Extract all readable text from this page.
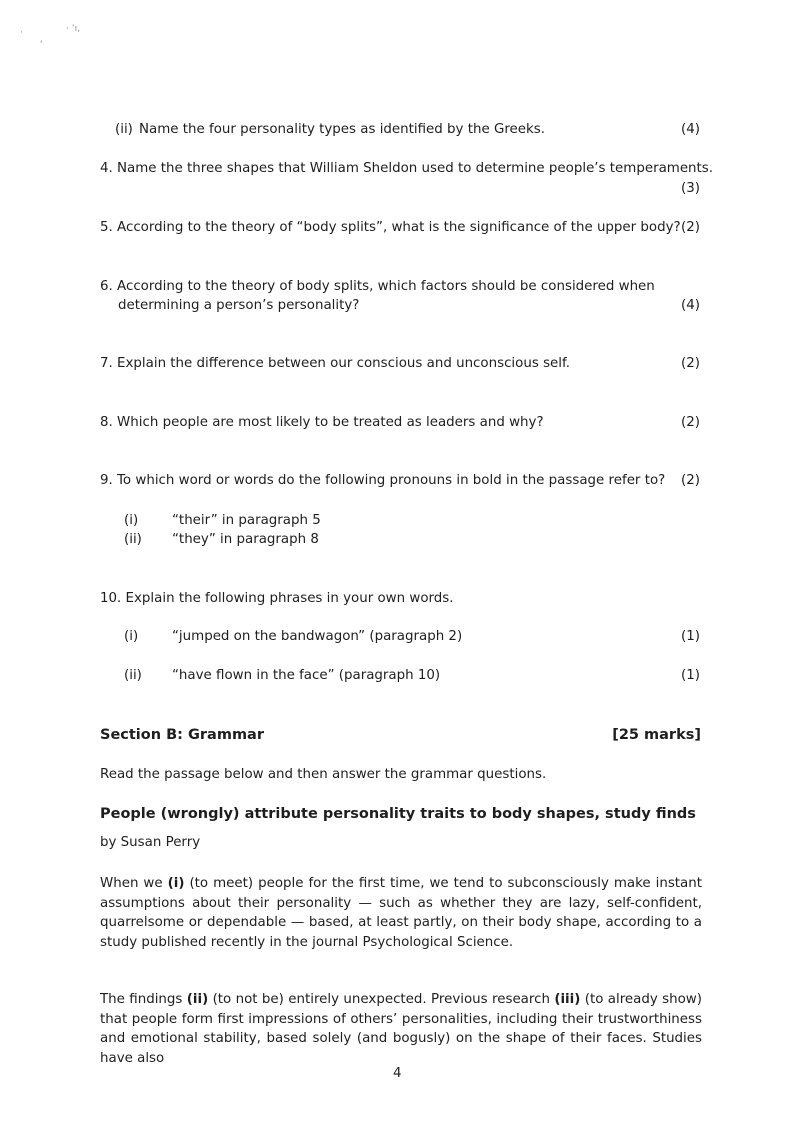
·	· ’ı,
‘
(ii) Name the four personality types as identified by the Greeks.	(4)
4. Name the three shapes that William Sheldon used to determine people’s temperaments.
(3)
5. According to the theory of “body splits”, what is the significance of the upper body? (2)
6. According to the theory of body splits, which factors should be considered when
determining a person’s personality?	(4)
7. Explain the difference between our conscious and unconscious self.	(2)
8. Which people are most likely to be treated as leaders and why?	(2)
9. To which word or words do the following pronouns in bold in the passage refer to? (2)
(i)	“their” in paragraph 5
(ii) “they” in paragraph 8
10. Explain the following phrases in your own words.
(i)	“jumped on the bandwagon” (paragraph 2)	(1)
(ii) “have flown in the face” (paragraph 10)	(1)
Section B: Grammar	[25 marks]
Read the passage below and then answer the grammar questions.
People (wrongly) attribute personality traits to body shapes, study finds
by Susan Perry
When we (i) (to meet) people for the first time, we tend to subconsciously make instant assumptions about their personality — such as whether they are lazy, self-confident, quarrelsome or dependable — based, at least partly, on their body shape, according to a study published recently in the journal Psychological Science.
The findings (ii) (to not be) entirely unexpected. Previous research (iii) (to already show) that people form first impressions of others’ personalities, including their trustworthiness and emotional stability, based solely (and bogusly) on the shape of their faces. Studies have also
4
